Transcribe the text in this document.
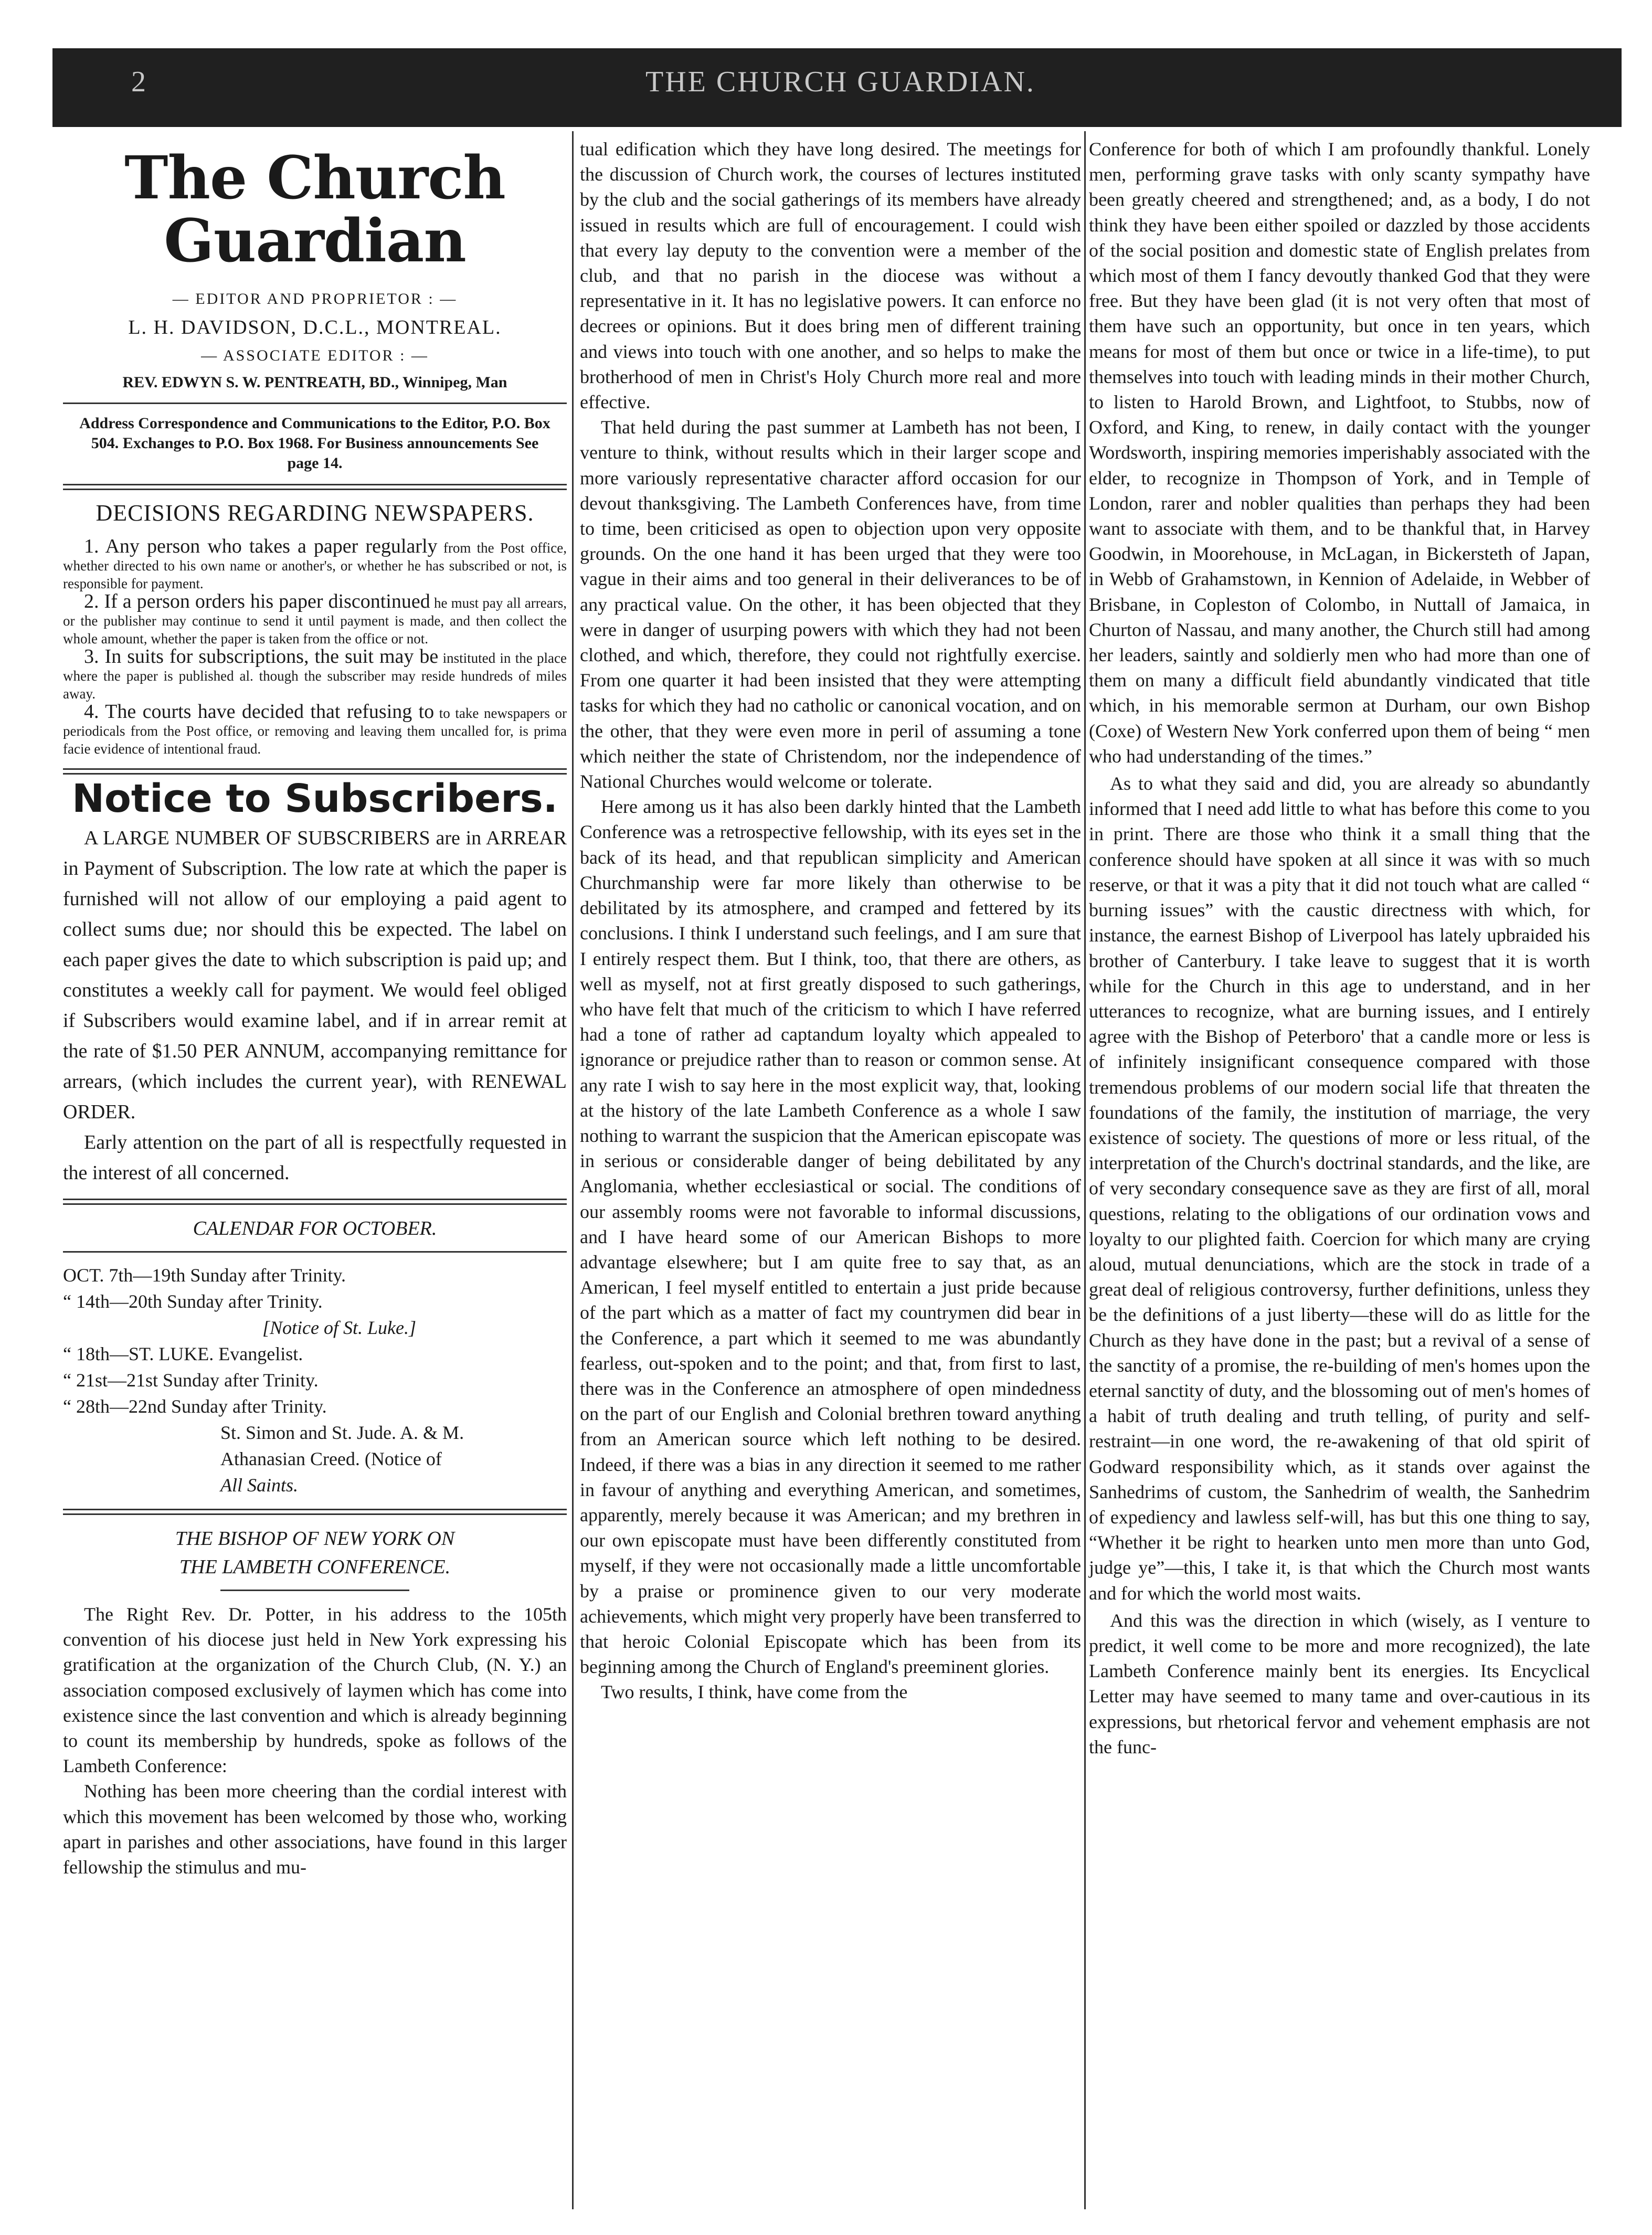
2	THE CHURCH GUARDIAN.
The Church Guardian
— EDITOR AND PROPRIETOR : —
L. H. DAVIDSON, D.C.L., MONTREAL.
— ASSOCIATE EDITOR : —
REV. EDWYN S. W. PENTREATH, BD., Winnipeg, Man
Address Correspondence and Communications to the Editor, P.O. Box 504. Exchanges to P.O. Box 1968. For Business announcements See page 14.
DECISIONS REGARDING NEWSPAPERS.

1. Any person who takes a paper regularly from the Post office, whether directed to his own name or another's, or whether he has subscribed or not, is responsible for payment.

2. If a person orders his paper discontinued he must pay all arrears, or the publisher may continue to send it until payment is made, and then collect the whole amount, whether the paper is taken from the office or not.

3. In suits for subscriptions, the suit may be instituted in the place where the paper is published al. though the subscriber may reside hundreds of miles away.

4. The courts have decided that refusing to to take newspapers or periodicals from the Post office, or removing and leaving them uncalled for, is prima facie evidence of intentional fraud.

Notice to Subscribers.

A LARGE NUMBER OF SUBSCRIBERS are in ARREAR in Payment of Subscription. The low rate at which the paper is furnished will not allow of our employing a paid agent to collect sums due; nor should this be expected. The label on each paper gives the date to which subscription is paid up; and constitutes a weekly call for payment. We would feel obliged if Subscribers would examine label, and if in arrear remit at the rate of $1.50 PER ANNUM, accompanying remittance for arrears, (which includes the current year), with RENEWAL ORDER.

Early attention on the part of all is respectfully requested in the interest of all concerned.

CALENDAR FOR OCTOBER.
OCT. 7th—19th Sunday after Trinity.
“ 14th—20th Sunday after Trinity.
[Notice of St. Luke.]
“ 18th—ST. LUKE. Evangelist.
“ 21st—21st Sunday after Trinity.
“ 28th—22nd Sunday after Trinity.
St. Simon and St. Jude. A. & M.
Athanasian Creed. (Notice of
All Saints.
THE BISHOP OF NEW YORK ON
THE LAMBETH CONFERENCE.

The Right Rev. Dr. Potter, in his address to the 105th convention of his diocese just held in New York expressing his gratification at the organization of the Church Club, (N. Y.) an association composed exclusively of laymen which has come into existence since the last convention and which is already beginning to count its membership by hundreds, spoke as follows of the Lambeth Conference:

Nothing has been more cheering than the cordial interest with which this movement has been welcomed by those who, working apart in parishes and other associations, have found in this larger fellowship the stimulus and mu-

tual edification which they have long desired. The meetings for the discussion of Church work, the courses of lectures instituted by the club and the social gatherings of its members have already issued in results which are full of encouragement. I could wish that every lay deputy to the convention were a member of the club, and that no parish in the diocese was without a representative in it. It has no legislative powers. It can enforce no decrees or opinions. But it does bring men of different training and views into touch with one another, and so helps to make the brotherhood of men in Christ's Holy Church more real and more effective.

That held during the past summer at Lambeth has not been, I venture to think, without results which in their larger scope and more variously representative character afford occasion for our devout thanksgiving. The Lambeth Conferences have, from time to time, been criticised as open to objection upon very opposite grounds. On the one hand it has been urged that they were too vague in their aims and too general in their deliverances to be of any practical value. On the other, it has been objected that they were in danger of usurping powers with which they had not been clothed, and which, therefore, they could not rightfully exercise. From one quarter it had been insisted that they were attempting tasks for which they had no catholic or canonical vocation, and on the other, that they were even more in peril of assuming a tone which neither the state of Christendom, nor the independence of National Churches would welcome or tolerate.

Here among us it has also been darkly hinted that the Lambeth Conference was a retrospective fellowship, with its eyes set in the back of its head, and that republican simplicity and American Churchmanship were far more likely than otherwise to be debilitated by its atmosphere, and cramped and fettered by its conclusions. I think I understand such feelings, and I am sure that I entirely respect them. But I think, too, that there are others, as well as myself, not at first greatly disposed to such gatherings, who have felt that much of the criticism to which I have referred had a tone of rather ad captandum loyalty which appealed to ignorance or prejudice rather than to reason or common sense. At any rate I wish to say here in the most explicit way, that, looking at the history of the late Lambeth Conference as a whole I saw nothing to warrant the suspicion that the American episcopate was in serious or considerable danger of being debilitated by any Anglomania, whether ecclesiastical or social. The conditions of our assembly rooms were not favorable to informal discussions, and I have heard some of our American Bishops to more advantage elsewhere; but I am quite free to say that, as an American, I feel myself entitled to entertain a just pride because of the part which as a matter of fact my countrymen did bear in the Conference, a part which it seemed to me was abundantly fearless, out-spoken and to the point; and that, from first to last, there was in the Conference an atmosphere of open mindedness on the part of our English and Colonial brethren toward anything from an American source which left nothing to be desired. Indeed, if there was a bias in any direction it seemed to me rather in favour of anything and everything American, and sometimes, apparently, merely because it was American; and my brethren in our own episcopate must have been differently constituted from myself, if they were not occasionally made a little uncomfortable by a praise or prominence given to our very moderate achievements, which might very properly have been transferred to that heroic Colonial Episcopate which has been from its beginning among the Church of England's preeminent glories.

Two results, I think, have come from the

Conference for both of which I am profoundly thankful. Lonely men, performing grave tasks with only scanty sympathy have been greatly cheered and strengthened; and, as a body, I do not think they have been either spoiled or dazzled by those accidents of the social position and domestic state of English prelates from which most of them I fancy devoutly thanked God that they were free. But they have been glad (it is not very often that most of them have such an opportunity, but once in ten years, which means for most of them but once or twice in a life-time), to put themselves into touch with leading minds in their mother Church, to listen to Harold Brown, and Lightfoot, to Stubbs, now of Oxford, and King, to renew, in daily contact with the younger Wordsworth, inspiring memories imperishably associated with the elder, to recognize in Thompson of York, and in Temple of London, rarer and nobler qualities than perhaps they had been want to associate with them, and to be thankful that, in Harvey Goodwin, in Moorehouse, in McLagan, in Bickersteth of Japan, in Webb of Grahamstown, in Kennion of Adelaide, in Webber of Brisbane, in Copleston of Colombo, in Nuttall of Jamaica, in Churton of Nassau, and many another, the Church still had among her leaders, saintly and soldierly men who had more than one of them on many a difficult field abundantly vindicated that title which, in his memorable sermon at Durham, our own Bishop (Coxe) of Western New York conferred upon them of being “ men who had understanding of the times.”

As to what they said and did, you are already so abundantly informed that I need add little to what has before this come to you in print. There are those who think it a small thing that the conference should have spoken at all since it was with so much reserve, or that it was a pity that it did not touch what are called “ burning issues” with the caustic directness with which, for instance, the earnest Bishop of Liverpool has lately upbraided his brother of Canterbury. I take leave to suggest that it is worth while for the Church in this age to understand, and in her utterances to recognize, what are burning issues, and I entirely agree with the Bishop of Peterboro' that a candle more or less is of infinitely insignificant consequence compared with those tremendous problems of our modern social life that threaten the foundations of the family, the institution of marriage, the very existence of society. The questions of more or less ritual, of the interpretation of the Church's doctrinal standards, and the like, are of very secondary consequence save as they are first of all, moral questions, relating to the obligations of our ordination vows and loyalty to our plighted faith. Coercion for which many are crying aloud, mutual denunciations, which are the stock in trade of a great deal of religious controversy, further definitions, unless they be the definitions of a just liberty—these will do as little for the Church as they have done in the past; but a revival of a sense of the sanctity of a promise, the re-building of men's homes upon the eternal sanctity of duty, and the blossoming out of men's homes of a habit of truth dealing and truth telling, of purity and self-restraint—in one word, the re-awakening of that old spirit of Godward responsibility which, as it stands over against the Sanhedrims of custom, the Sanhedrim of wealth, the Sanhedrim of expediency and lawless self-will, has but this one thing to say, “Whether it be right to hearken unto men more than unto God, judge ye”—this, I take it, is that which the Church most wants and for which the world most waits.

And this was the direction in which (wisely, as I venture to predict, it well come to be more and more recognized), the late Lambeth Conference mainly bent its energies. Its Encyclical Letter may have seemed to many tame and over-cautious in its expressions, but rhetorical fervor and vehement emphasis are not the func-
